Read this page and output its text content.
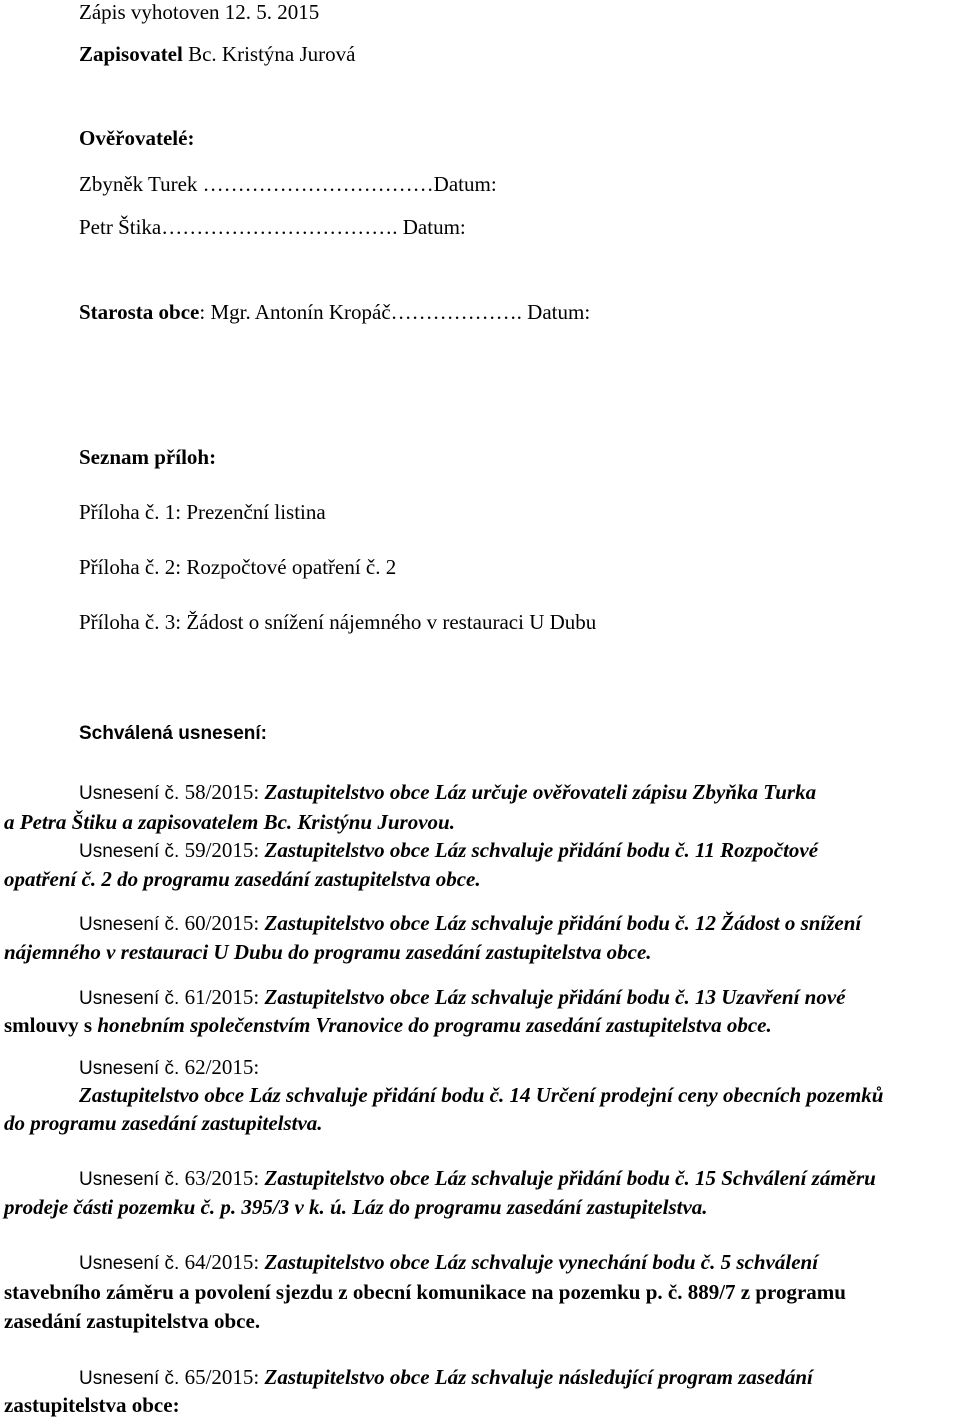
Zápis vyhotoven 12. 5. 2015
Zapisovatel Bc. Kristýna Jurová
Ověřovatelé:
Zbyněk Turek ……………………………Datum:
Petr Štika……………………………. Datum:
Starosta obce: Mgr. Antonín Kropáč………………. Datum:
Seznam příloh:
Příloha č. 1: Prezenční listina
Příloha č. 2: Rozpočtové opatření č. 2
Příloha č. 3: Žádost o snížení nájemného v restauraci U Dubu
Schválená usnesení:
Usnesení č. 58/2015: Zastupitelstvo obce Láz určuje ověřovateli zápisu Zbyňka Turka
a Petra Štiku a zapisovatelem Bc. Kristýnu Jurovou.
Usnesení č. 59/2015: Zastupitelstvo obce Láz schvaluje přidání bodu č. 11 Rozpočtové
opatření č. 2 do programu zasedání zastupitelstva obce.
Usnesení č. 60/2015: Zastupitelstvo obce Láz schvaluje přidání bodu č. 12 Žádost o snížení
nájemného v restauraci U Dubu do programu zasedání zastupitelstva obce.
Usnesení č. 61/2015: Zastupitelstvo obce Láz schvaluje přidání bodu č. 13 Uzavření nové
smlouvy s honebním společenstvím Vranovice do programu zasedání zastupitelstva obce.
Usnesení č. 62/2015:
Zastupitelstvo obce Láz schvaluje přidání bodu č. 14 Určení prodejní ceny obecních pozemků
do programu zasedání zastupitelstva.
Usnesení č. 63/2015: Zastupitelstvo obce Láz schvaluje přidání bodu č. 15 Schválení záměru
prodeje části pozemku č. p. 395/3 v k. ú. Láz do programu zasedání zastupitelstva.
Usnesení č. 64/2015: Zastupitelstvo obce Láz schvaluje vynechání bodu č. 5 schválení
stavebního záměru a povolení sjezdu z obecní komunikace na pozemku p. č. 889/7 z programu
zasedání zastupitelstva obce.
Usnesení č. 65/2015: Zastupitelstvo obce Láz schvaluje následující program zasedání
zastupitelstva obce:
